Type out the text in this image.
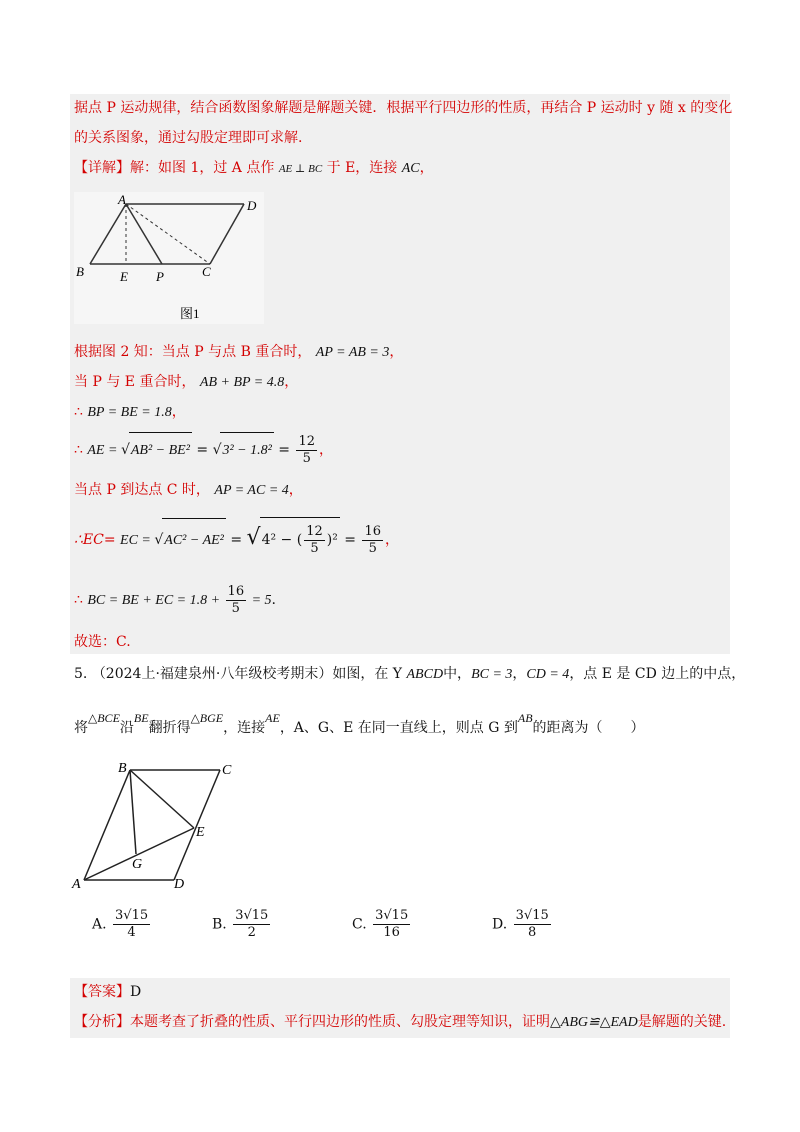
据点 P 运动规律，结合函数图象解题是解题关键．根据平行四边形的性质，再结合 P 运动时 y 随 x 的变化
的关系图象，通过勾股定理即可求解.
【详解】解：如图 1，过 A 点作 AE ⊥ BC 于 E，连接 AC，
A	D
B	E P	C
图1
根据图 2 知：当点 P 与点 B 重合时， AP = AB = 3，
当 P 与 E 重合时， AB + BP = 4.8，
∴ BP = BE = 1.8，
∴ AE = $√AB^2 - BE^2 = √3^2 - 1.8^2 = \frac{12}{5}$ ，
当点 P 到达点 C 时， AP = AC = 4，
∴EC= EC = √AC² − AE² = √4² − ( $\frac{12}{5} )^2 = \frac{16}{5}$ ，
∴ BC = BE + EC = $1.8 + \frac{16}{5} = 5$.
故选：C.
5. （2024上·福建泉州·八年级校考期末）如图，在 Y ABCD中，BC = 3，CD = 4，点 E 是 CD 边上的中点，
将△BCE沿BE翻折得△BGE，连接AE，A、G、E 在同一直线上，则点 G 到AB的距离为（　　）
B	C
E
G
A	D
A. $\frac{3√15}{4}$	B. $\frac{3√15}{2}$	C. $\frac{3√15}{16}$	D. $\frac{3√15}{8}$
【答案】D
【分析】本题考查了折叠的性质、平行四边形的性质、勾股定理等知识，证明△ABG≌△EAD是解题的关键.
